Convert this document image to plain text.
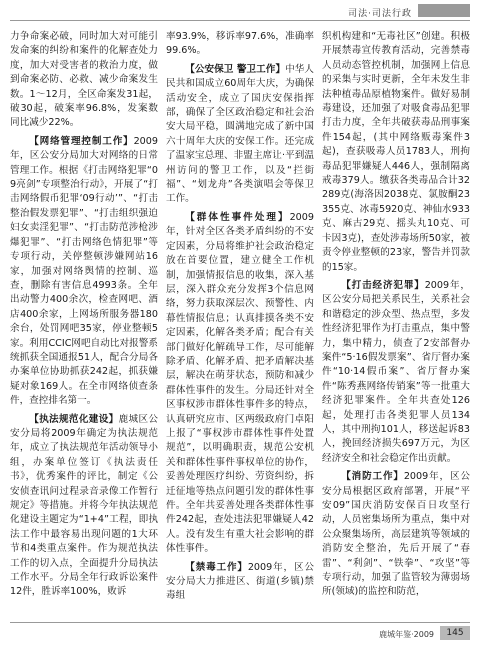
司法·司法行政

力争命案必破，同时加大对可能引发命案的纠纷和案件的化解查处力度，加大对受害者的救治力度，做到命案必防、必救、减少命案发生数。1～12月，全区命案发31起，破30起，破案率96.8%，发案数同比减少22%。

【网络管理控制工作】2009年，区公安分局加大对网络的日常管理工作。根据《打击网络犯罪“09亮剑”专项整治行动》，开展了“打击网络假币犯罪‘09行动’”、“打击整治假发票犯罪”、“打击组织强迫妇女卖淫犯罪”、“打击防范涉枪涉爆犯罪”、“打击网络色情犯罪”等专项行动，关停整顿涉嫌网站16家，加强对网络舆情的控制、巡查，删除有害信息4993条。全年出动警力400余次，检查网吧、酒店400余家，上网场所服务器180余台，处罚网吧35家，停业整顿5家。利用CCIC网吧自动比对报警系统抓获全国通报51人，配合分局各办案单位协助抓获242起，抓获嫌疑对象169人。在全市网络侦查条件，查控排名第一。

【执法规范化建设】鹿城区公安分局将2009年确定为执法规范年，成立了执法规范年活动领导小组，办案单位签订《执法责任书》，优秀案件的评比，制定《公安侦查讯问过程录音录像工作暂行规定》等措施。并将今年执法规范化建设主题定为“1+4”工程，即执法工作中最容易出现问题的1大环节和4类重点案件。作为规范执法工作的切入点，全面提升分局执法工作水平。分局全年行政诉讼案件12件，胜诉率100%，败诉

率93.9%，移诉率97.6%，准确率99.6%。

【公安保卫 警卫工作】中华人民共和国成立60周年大庆，为确保活动安全，成立了国庆安保指挥部，确保了全区政治稳定和社会治安大局平稳，圆满地完成了新中国六十周年大庆的安保工作。还完成了温家宝总理、非盟主席让·平到温州访问的警卫工作，以及“拦街福”、“划龙舟”各类演唱会等保卫工作。

【群体性事件处理】2009年，针对全区各类矛盾纠纷的不安定因素，分局将维护社会政治稳定放在首要位置，建立健全工作机制，加强情报信息的收集，深入基层，深入群众充分发挥3个信息网络，努力获取深层次、预警性、内幕性情报信息；认真排摸各类不安定因素，化解各类矛盾；配合有关部门做好化解疏导工作，尽可能解除矛盾、化解矛盾、把矛盾解决基层，解决在萌芽状态，预防和减少群体性事件的发生。分局还针对全区事权涉市群体性事件多的特点，认真研究应市、区两级政府门卓阳上报了“事权涉市群体性事件处置规范”，以明确职责，规范公安机关和群体性事件事权单位的协作，妥善处理医疗纠纷、劳资纠纷，拆迁征地等热点问题引发的群体性事件。全年共妥善处理各类群体性事件242起，查处违法犯罪嫌疑人42人。没有发生有重大社会影响的群体性事件。

【禁毒工作】2009年，区公安分局大力推进区、街道(乡镇)禁毒组

织机构建和“无毒社区”创建。积极开展禁毒宣传教育活动，完善禁毒人员动态管控机制，加强网上信息的采集与实时更新，全年未发生非法种植毒品原植物案件。做好易制毒建设，还加强了对吸食毒品犯罪打击力度，全年共破获毒品刑事案件154起，(其中网络贩毒案件3起)，查获吸毒人员1783人，刑拘毒品犯罪嫌疑人446人，强制隔离戒毒379人。缴获各类毒品合计32289克(海洛因2038克、氯胺酮23355克、冰毒5920克、神仙水933克、麻古29克、摇头丸10克、可卡因3克)，查处涉毒场所50家，被责令停业整顿的23家，警告并罚款的15家。

【打击经济犯罪】2009年，区公安分局把关系民生，关系社会和谐稳定的涉众型、热点型，多发性经济犯罪作为打击重点，集中警力，集中精力，侦查了2安部督办案件“5·16假发票案”、省厅督办案件“10·14假币案”、省厅督办案件“陈秀燕网络传销案”等一批重大经济犯罪案件。全年共查处126起，处理打击各类犯罪人员134人，其中刑拘101人，移送起诉83人，挽回经济损失697万元，为区经济安全和社会稳定作出贡献。

【消防工作】2009年，区公安分局根据区政府部署，开展“平安09”国庆消防安保百日攻坚行动，人员密集场所为重点，集中对公众聚集场所，高层建筑等领域的消防安全整治，先后开展了“春雷”、“利剑”、“铁拳”、“攻坚”等专项行动，加强了监管较为薄弱场所(领域)的监控和防范，

鹿城年鉴·2009	145
